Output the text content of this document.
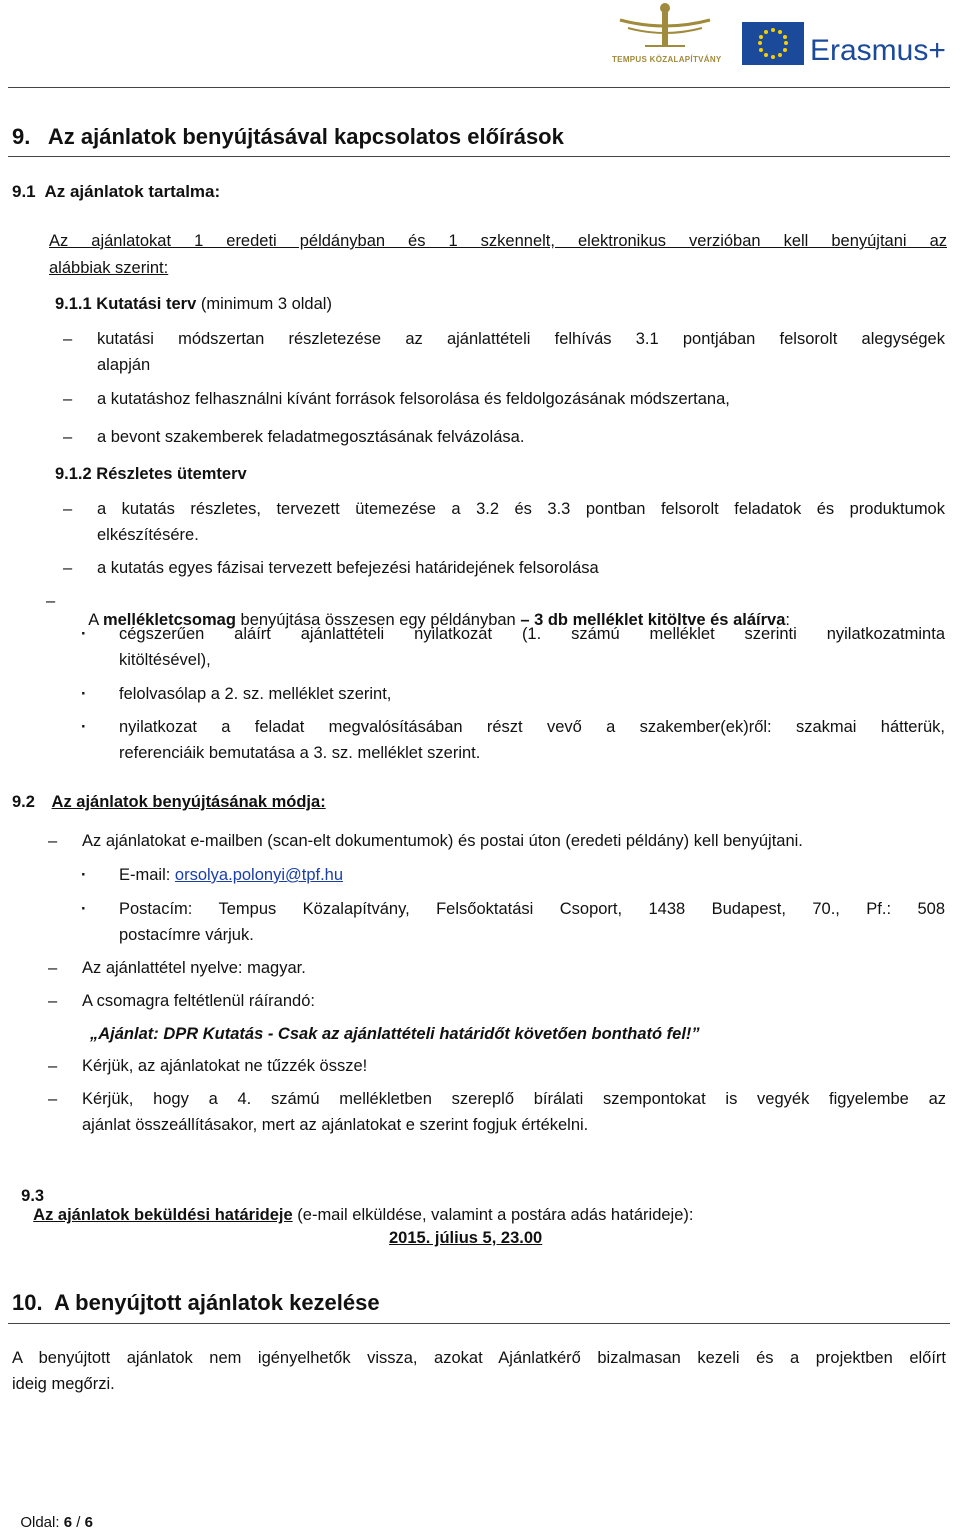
TEMPUS KÖZALAPÍTVÁNY	Erasmus+
9.   Az ajánlatok benyújtásával kapcsolatos előírások
9.1  Az ajánlatok tartalma:
Az ajánlatokat 1 eredeti példányban és 1 szkennelt, elektronikus verzióban kell benyújtani az
alábbiak szerint:
9.1.1 Kutatási terv (minimum 3 oldal)
– kutatási módszertan részletezése az ajánlattételi felhívás 3.1 pontjában felsorolt alegységek
alapján
– a kutatáshoz felhasználni kívánt források felsorolása és feldolgozásának módszertana,
– a bevont szakemberek feladatmegosztásának felvázolása.
9.1.2 Részletes ütemterv
– a kutatás részletes, tervezett ütemezése a 3.2 és 3.3 pontban felsorolt feladatok és produktumok
elkészítésére.
– a kutatás egyes fázisai tervezett befejezési határidejének felsorolása

– A mellékletcsomag benyújtása összesen egy példányban – 3 db melléklet kitöltve és aláírva:

· cégszerűen aláírt ajánlattételi nyilatkozat (1. számú melléklet szerinti nyilatkozatminta
kitöltésével),
· felolvasólap a 2. sz. melléklet szerint,
· nyilatkozat a feladat megvalósításában részt vevő a szakember(ek)ről: szakmai hátterük,
referenciáik bemutatása a 3. sz. melléklet szerint.
9.2 Az ajánlatok benyújtásának módja:
– Az ajánlatokat e-mailben (scan-elt dokumentumok) és postai úton (eredeti példány) kell benyújtani.
· E-mail: orsolya.polonyi@tpf.hu
· Postacím: Tempus Közalapítvány, Felsőoktatási Csoport, 1438 Budapest, 70., Pf.: 508
postacímre várjuk.
– Az ajánlattétel nyelve: magyar.
– A csomagra feltétlenül ráírandó:
„Ajánlat: DPR Kutatás - Csak az ajánlattételi határidőt követően bontható fel!”
– Kérjük, az ajánlatokat ne tűzzék össze!
– Kérjük, hogy a 4. számú mellékletben szereplő bírálati szempontokat is vegyék figyelembe az
ajánlat összeállításakor, mert az ajánlatokat e szerint fogjuk értékelni.

9.3
Az ajánlatok beküldési határideje (e-mail elküldése, valamint a postára adás határideje):

2015. július 5, 23.00
10.  A benyújtott ajánlatok kezelése
A benyújtott ajánlatok nem igényelhetők vissza, azokat Ajánlatkérő bizalmasan kezeli és a projektben előírt
ideig megőrzi.

Oldal: 6 / 6
